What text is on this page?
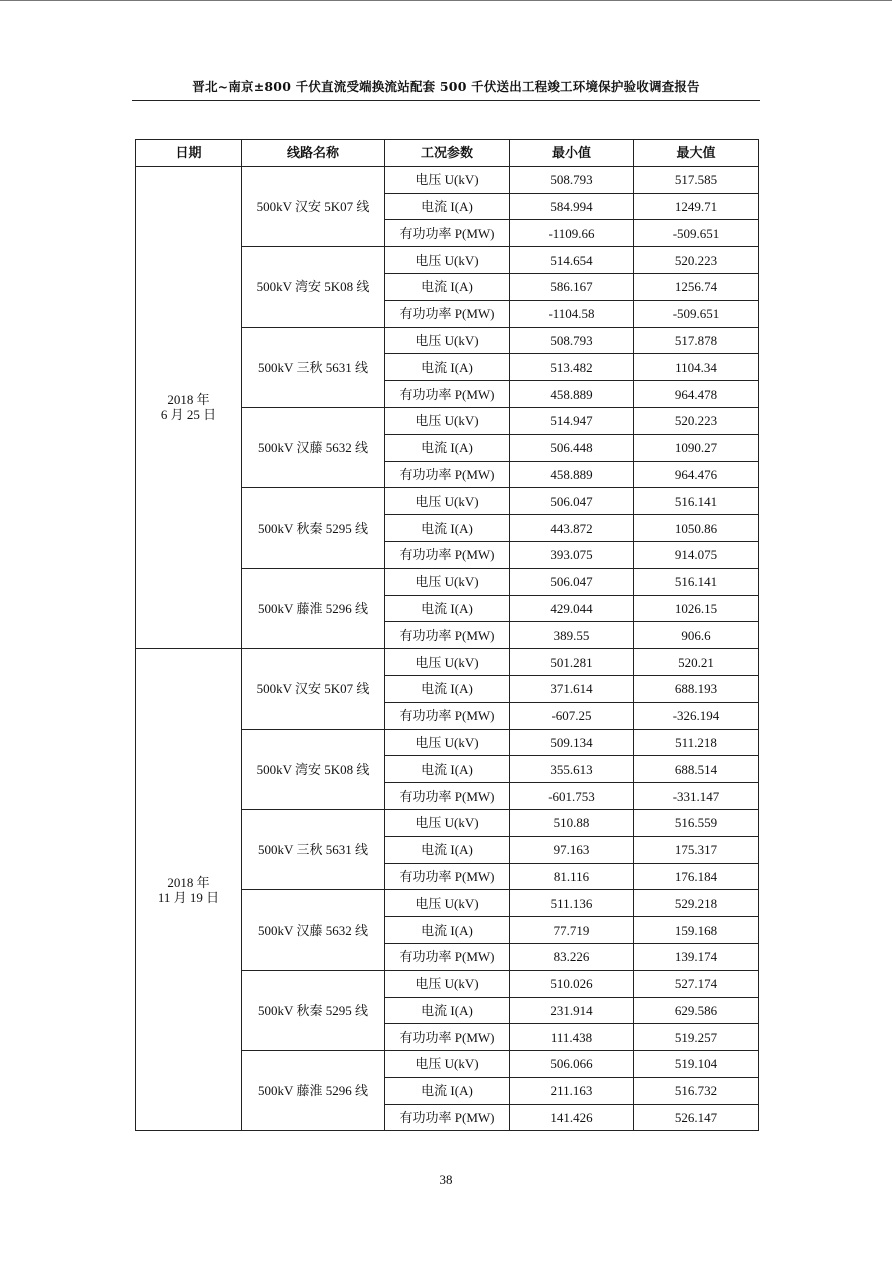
晋北~南京±800 千伏直流受端换流站配套 500 千伏送出工程竣工环境保护验收调查报告
日期	线路名称	工况参数	最小值	最大值

2018 年
6 月 25 日	500kV 汉安 5K07 线	电压 U(kV)	508.793	517.585
		电流 I(A)	584.994	1249.71
		有功功率 P(MW)	-1109.66	-509.651
	500kV 湾安 5K08 线	电压 U(kV)	514.654	520.223
		电流 I(A)	586.167	1256.74
		有功功率 P(MW)	-1104.58	-509.651
	500kV 三秋 5631 线	电压 U(kV)	508.793	517.878
		电流 I(A)	513.482	1104.34
		有功功率 P(MW)	458.889	964.478
	500kV 汉藤 5632 线	电压 U(kV)	514.947	520.223
		电流 I(A)	506.448	1090.27
		有功功率 P(MW)	458.889	964.476
	500kV 秋秦 5295 线	电压 U(kV)	506.047	516.141
		电流 I(A)	443.872	1050.86
		有功功率 P(MW)	393.075	914.075
	500kV 藤淮 5296 线	电压 U(kV)	506.047	516.141
		电流 I(A)	429.044	1026.15
		有功功率 P(MW)	389.55	906.6

2018 年
11 月 19 日	500kV 汉安 5K07 线	电压 U(kV)	501.281	520.21
		电流 I(A)	371.614	688.193
		有功功率 P(MW)	-607.25	-326.194
	500kV 湾安 5K08 线	电压 U(kV)	509.134	511.218
		电流 I(A)	355.613	688.514
		有功功率 P(MW)	-601.753	-331.147
	500kV 三秋 5631 线	电压 U(kV)	510.88	516.559
		电流 I(A)	97.163	175.317
		有功功率 P(MW)	81.116	176.184
	500kV 汉藤 5632 线	电压 U(kV)	511.136	529.218
		电流 I(A)	77.719	159.168
		有功功率 P(MW)	83.226	139.174
	500kV 秋秦 5295 线	电压 U(kV)	510.026	527.174
		电流 I(A)	231.914	629.586
		有功功率 P(MW)	111.438	519.257
	500kV 藤淮 5296 线	电压 U(kV)	506.066	519.104
		电流 I(A)	211.163	516.732
		有功功率 P(MW)	141.426	526.147
38
